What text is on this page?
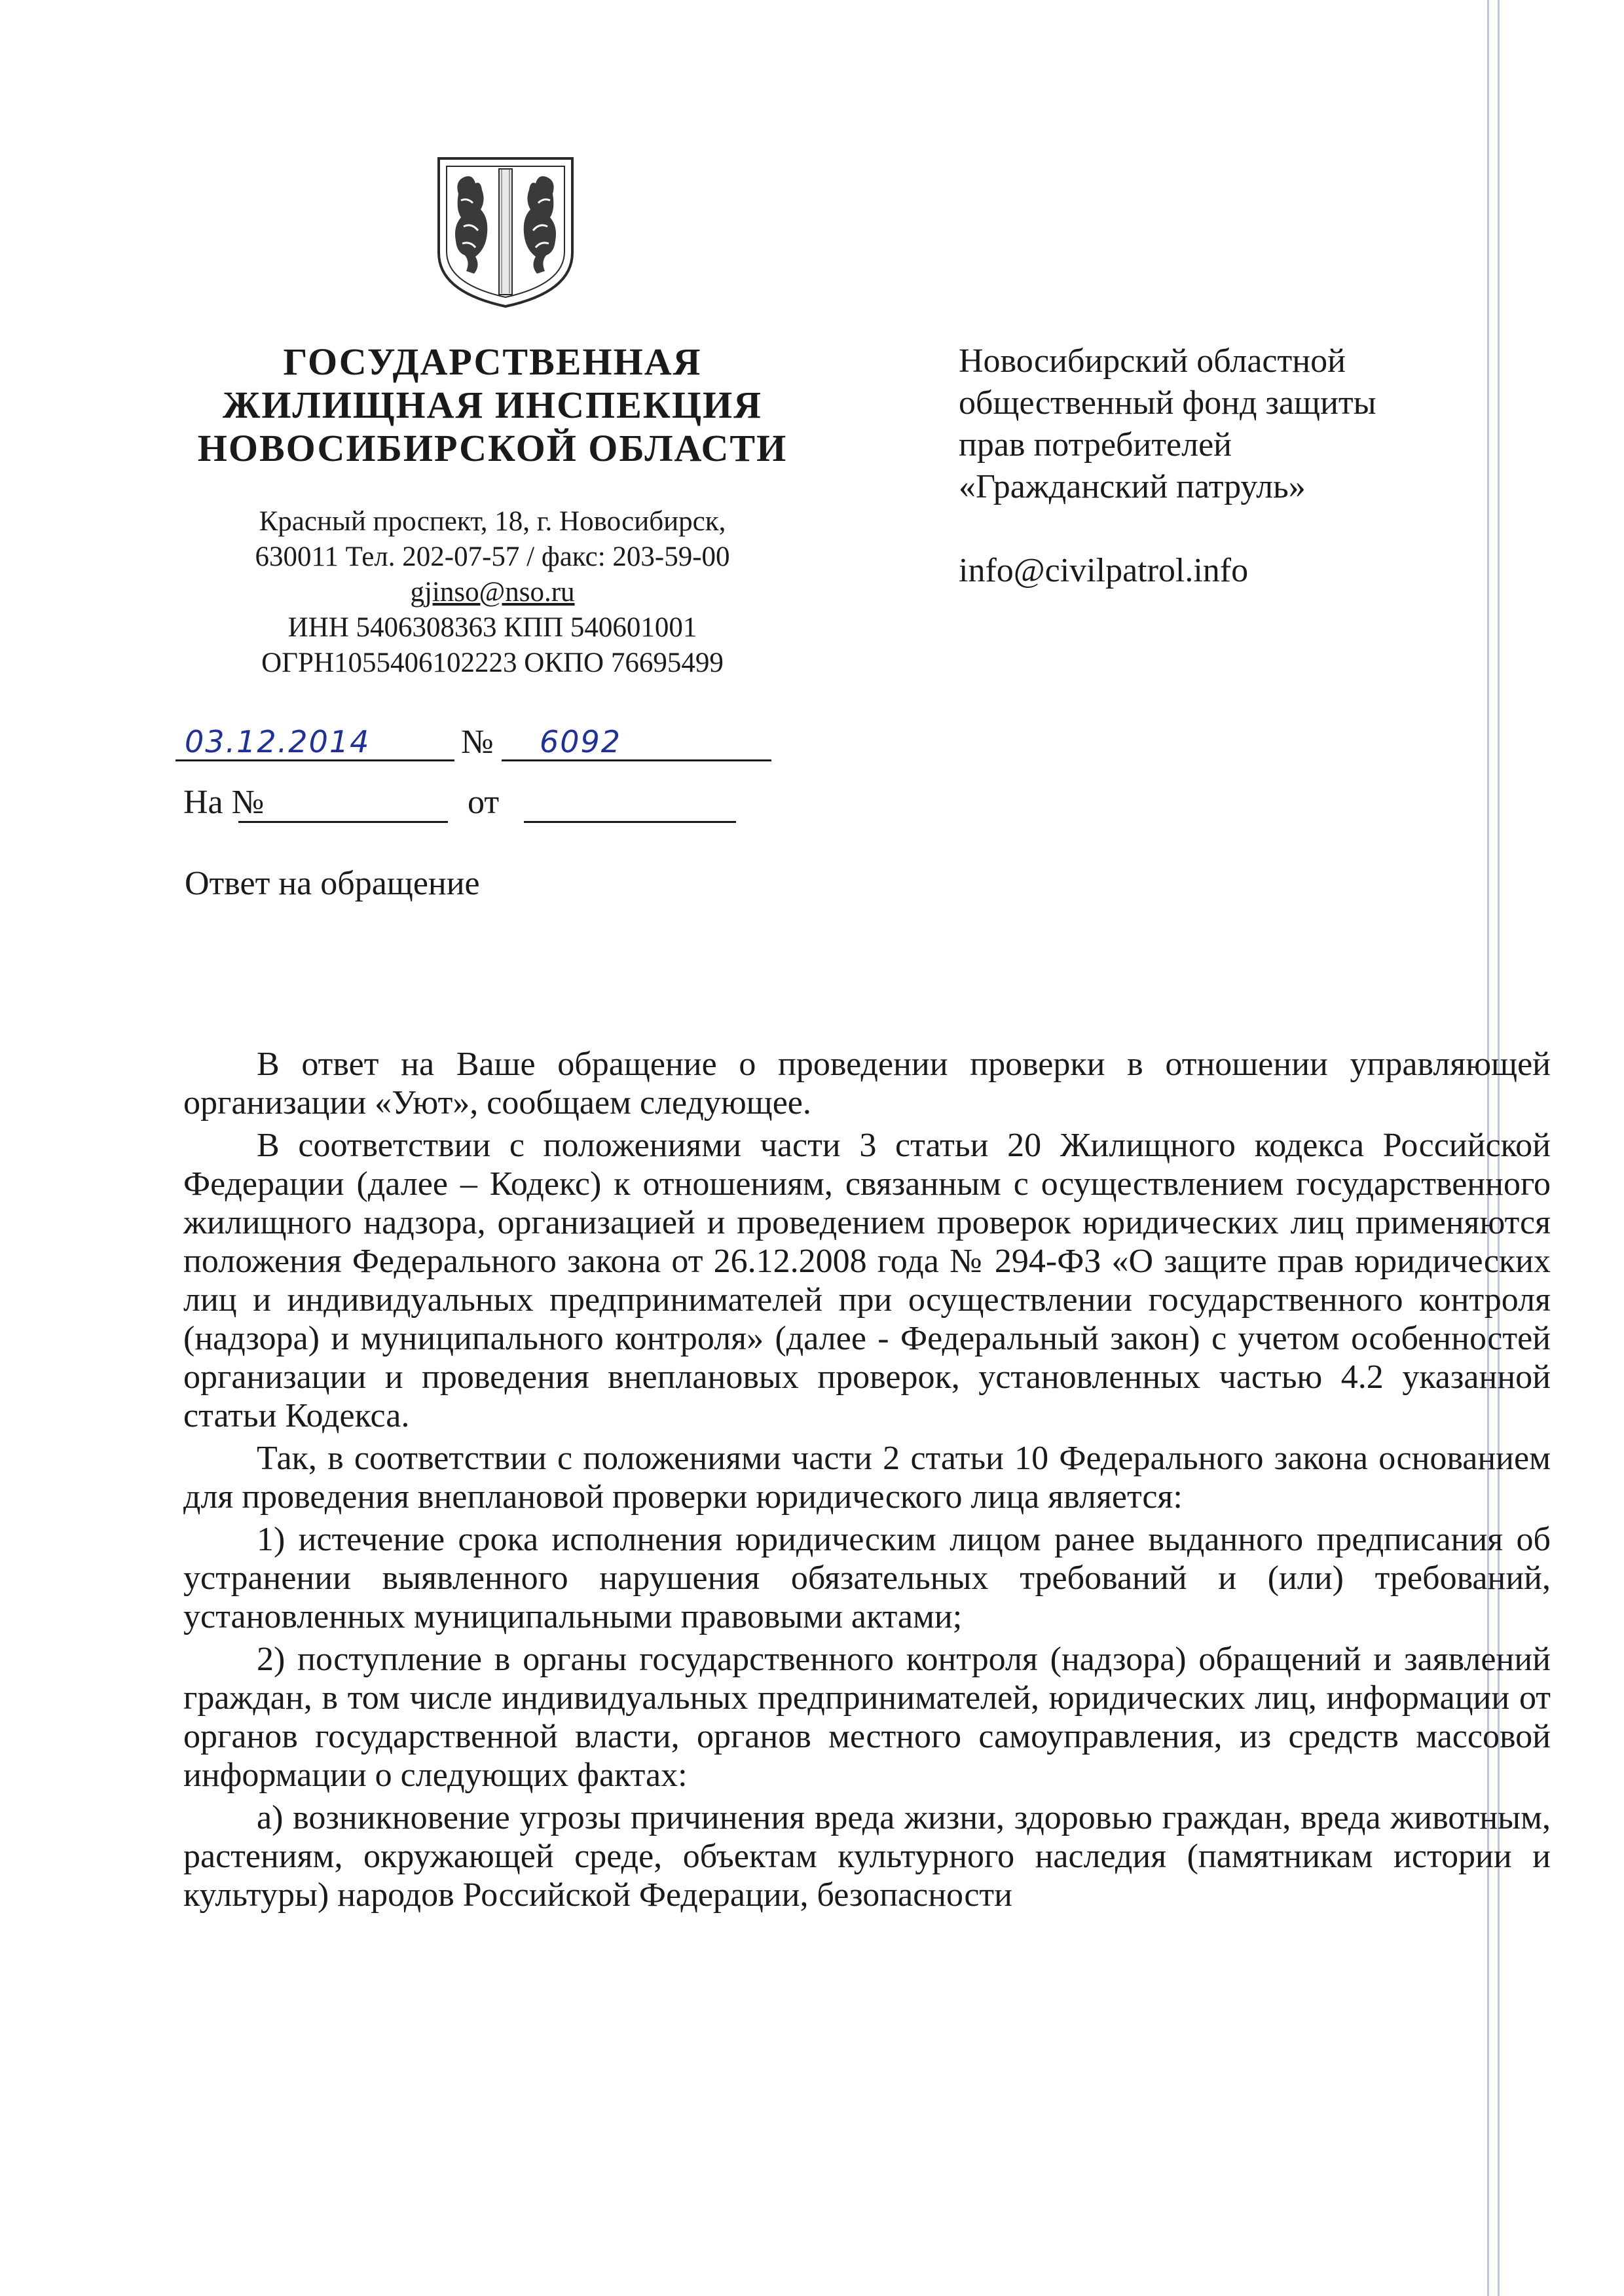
ГОСУДАРСТВЕННАЯ
ЖИЛИЩНАЯ ИНСПЕКЦИЯ
НОВОСИБИРСКОЙ ОБЛАСТИ
Красный проспект, 18, г. Новосибирск,
630011 Тел. 202-07-57 / факс: 203-59-00
gjinso@nso.ru
ИНН 5406308363 КПП 540601001
ОГРН1055406102223 ОКПО 76695499
Новосибирский областной
общественный фонд защиты
прав потребителей
«Гражданский патруль»
info@civilpatrol.info
03.12.2014	№ 6092
На №	от
Ответ на обращение

В ответ на Ваше обращение о проведении проверки в отношении управляющей организации «Уют», сообщаем следующее.

В соответствии с положениями части 3 статьи 20 Жилищного кодекса Российской Федерации (далее – Кодекс) к отношениям, связанным с осуществлением государственного жилищного надзора, организацией и проведением проверок юридических лиц применяются положения Федерального закона от 26.12.2008 года № 294-ФЗ «О защите прав юридических лиц и индивидуальных предпринимателей при осуществлении государственного контроля (надзора) и муниципального контроля» (далее - Федеральный закон) с учетом особенностей организации и проведения внеплановых проверок, установленных частью 4.2 указанной статьи Кодекса.

Так, в соответствии с положениями части 2 статьи 10 Федерального закона основанием для проведения внеплановой проверки юридического лица является:

1) истечение срока исполнения юридическим лицом ранее выданного предписания об устранении выявленного нарушения обязательных требований и (или) требований, установленных муниципальными правовыми актами;

2) поступление в органы государственного контроля (надзора) обращений и заявлений граждан, в том числе индивидуальных предпринимателей, юридических лиц, информации от органов государственной власти, органов местного самоуправления, из средств массовой информации о следующих фактах:

а) возникновение угрозы причинения вреда жизни, здоровью граждан, вреда животным, растениям, окружающей среде, объектам культурного наследия (памятникам истории и культуры) народов Российской Федерации, безопасности
